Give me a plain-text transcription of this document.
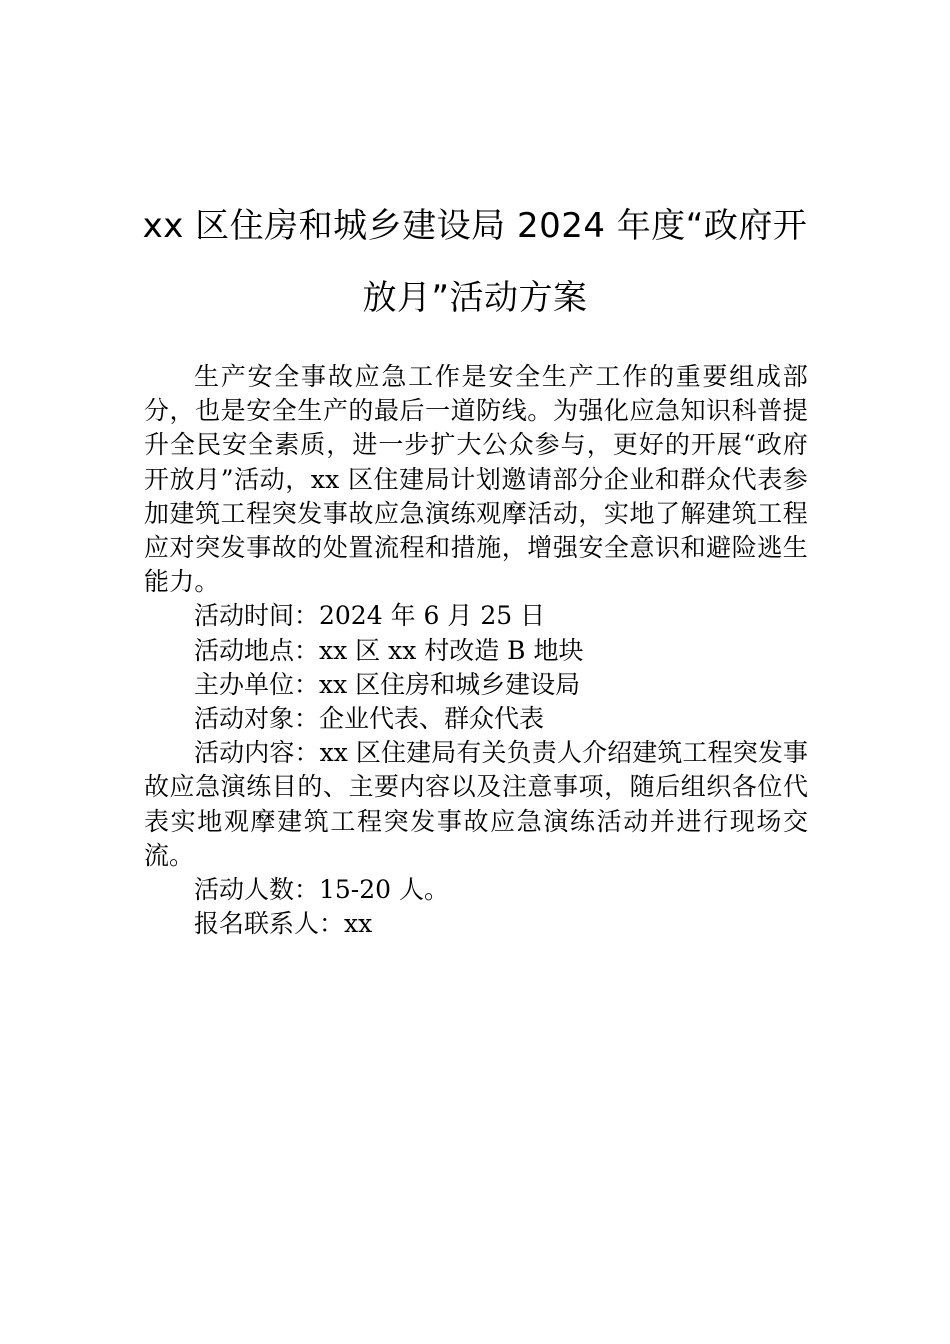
xx 区住房和城乡建设局 2024 年度“政府开
放月”活动方案

生产安全事故应急工作是安全生产工作的重要组成部分，也是安全生产的最后一道防线。为强化应急知识科普提升全民安全素质，进一步扩大公众参与，更好的开展“政府开放月”活动，xx 区住建局计划邀请部分企业和群众代表参加建筑工程突发事故应急演练观摩活动，实地了解建筑工程应对突发事故的处置流程和措施，增强安全意识和避险逃生能力。

活动时间：2024 年 6 月 25 日

活动地点：xx 区 xx 村改造 B 地块

主办单位：xx 区住房和城乡建设局

活动对象：企业代表、群众代表

活动内容：xx 区住建局有关负责人介绍建筑工程突发事故应急演练目的、主要内容以及注意事项，随后组织各位代表实地观摩建筑工程突发事故应急演练活动并进行现场交流。

活动人数：15-20 人。

报名联系人：xx
